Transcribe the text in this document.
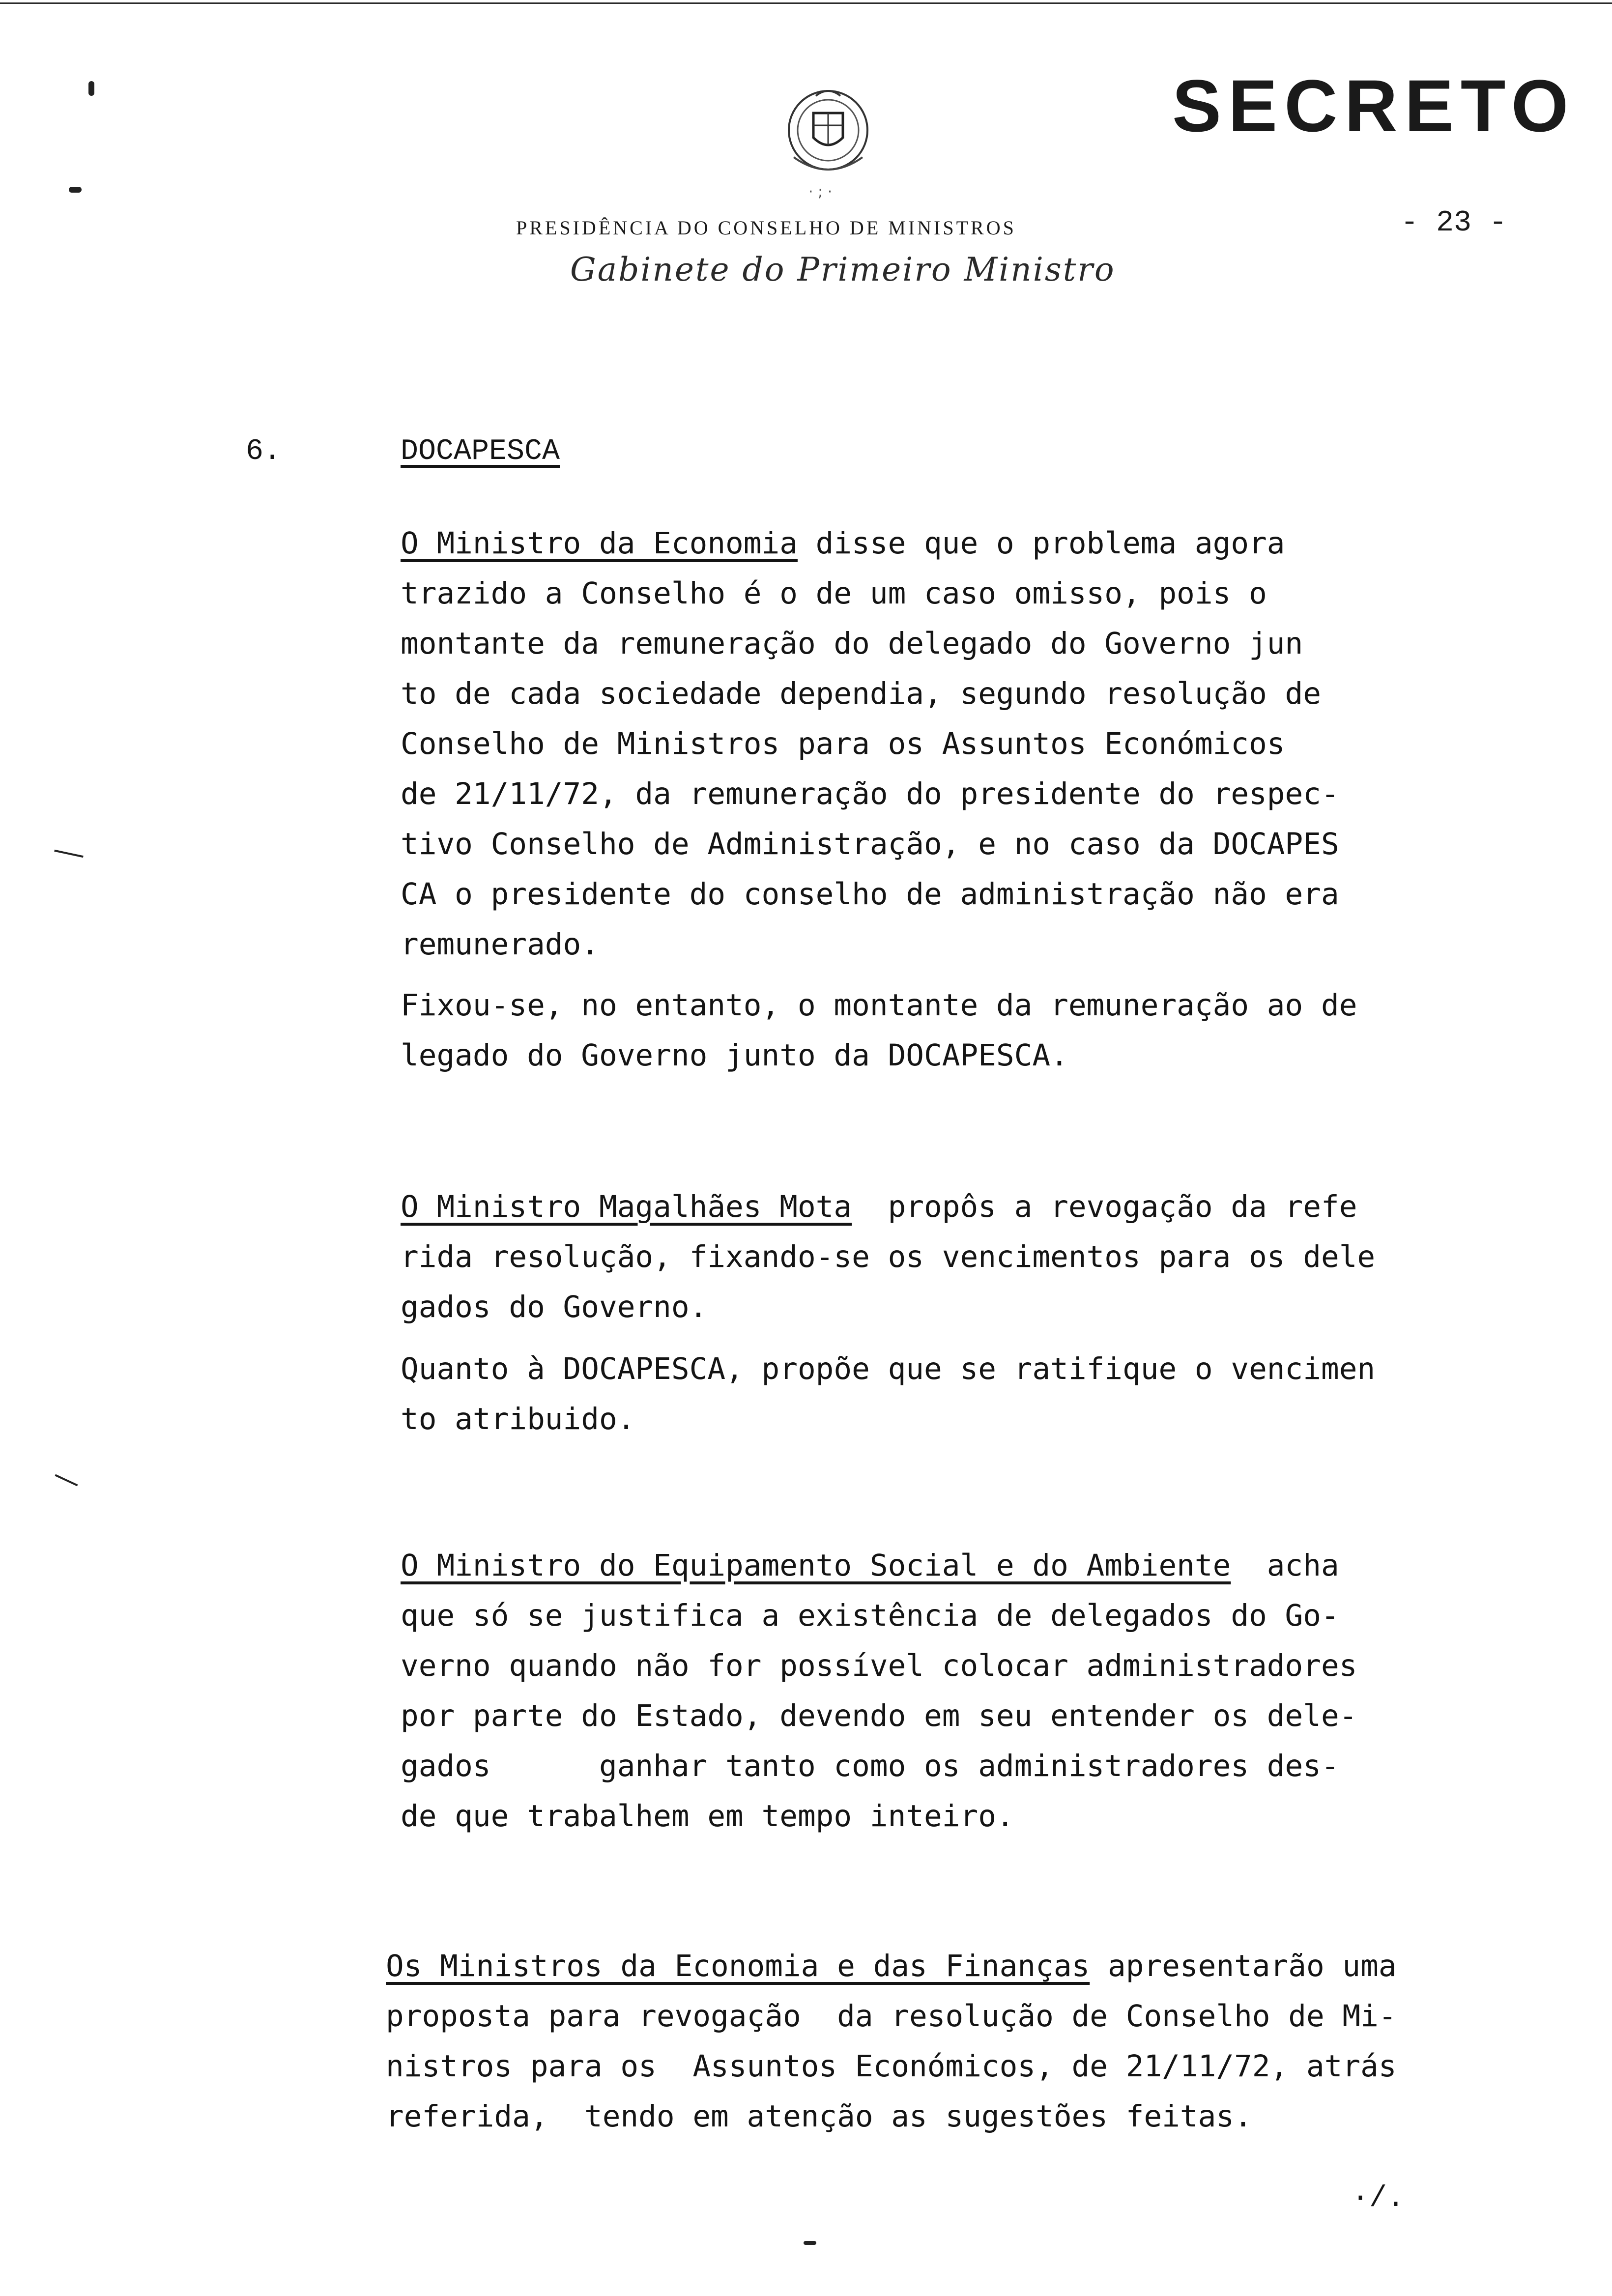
· ; ·
SECRETO
PRESIDÊNCIA DO CONSELHO DE MINISTROS
Gabinete do Primeiro Ministro
- 23 -
6.	DOCAPESCA
O Ministro da Economia disse que o problema agora
trazido a Conselho é o de um caso omisso, pois o
montante da remuneração do delegado do Governo jun
to de cada sociedade dependia, segundo resolução de
Conselho de Ministros para os Assuntos Económicos
de 21/11/72, da remuneração do presidente do respec-
tivo Conselho de Administração, e no caso da DOCAPES
CA o presidente do conselho de administração não era
remunerado.
Fixou-se, no entanto, o montante da remuneração ao de
legado do Governo junto da DOCAPESCA.
O Ministro Magalhães Mota  propôs a revogação da refe
rida resolução, fixando-se os vencimentos para os dele
gados do Governo.
Quanto à DOCAPESCA, propõe que se ratifique o vencimen
to atribuido.
O Ministro do Equipamento Social e do Ambiente  acha
que só se justifica a existência de delegados do Go-
verno quando não for possível colocar administradores
por parte do Estado, devendo em seu entender os dele-
gados      ganhar tanto como os administradores des-
de que trabalhem em tempo inteiro.
Os Ministros da Economia e das Finanças apresentarão uma
proposta para revogação  da resolução de Conselho de Mi-
nistros para os  Assuntos Económicos, de 21/11/72, atrás
referida,  tendo em atenção as sugestões feitas.
·/.
